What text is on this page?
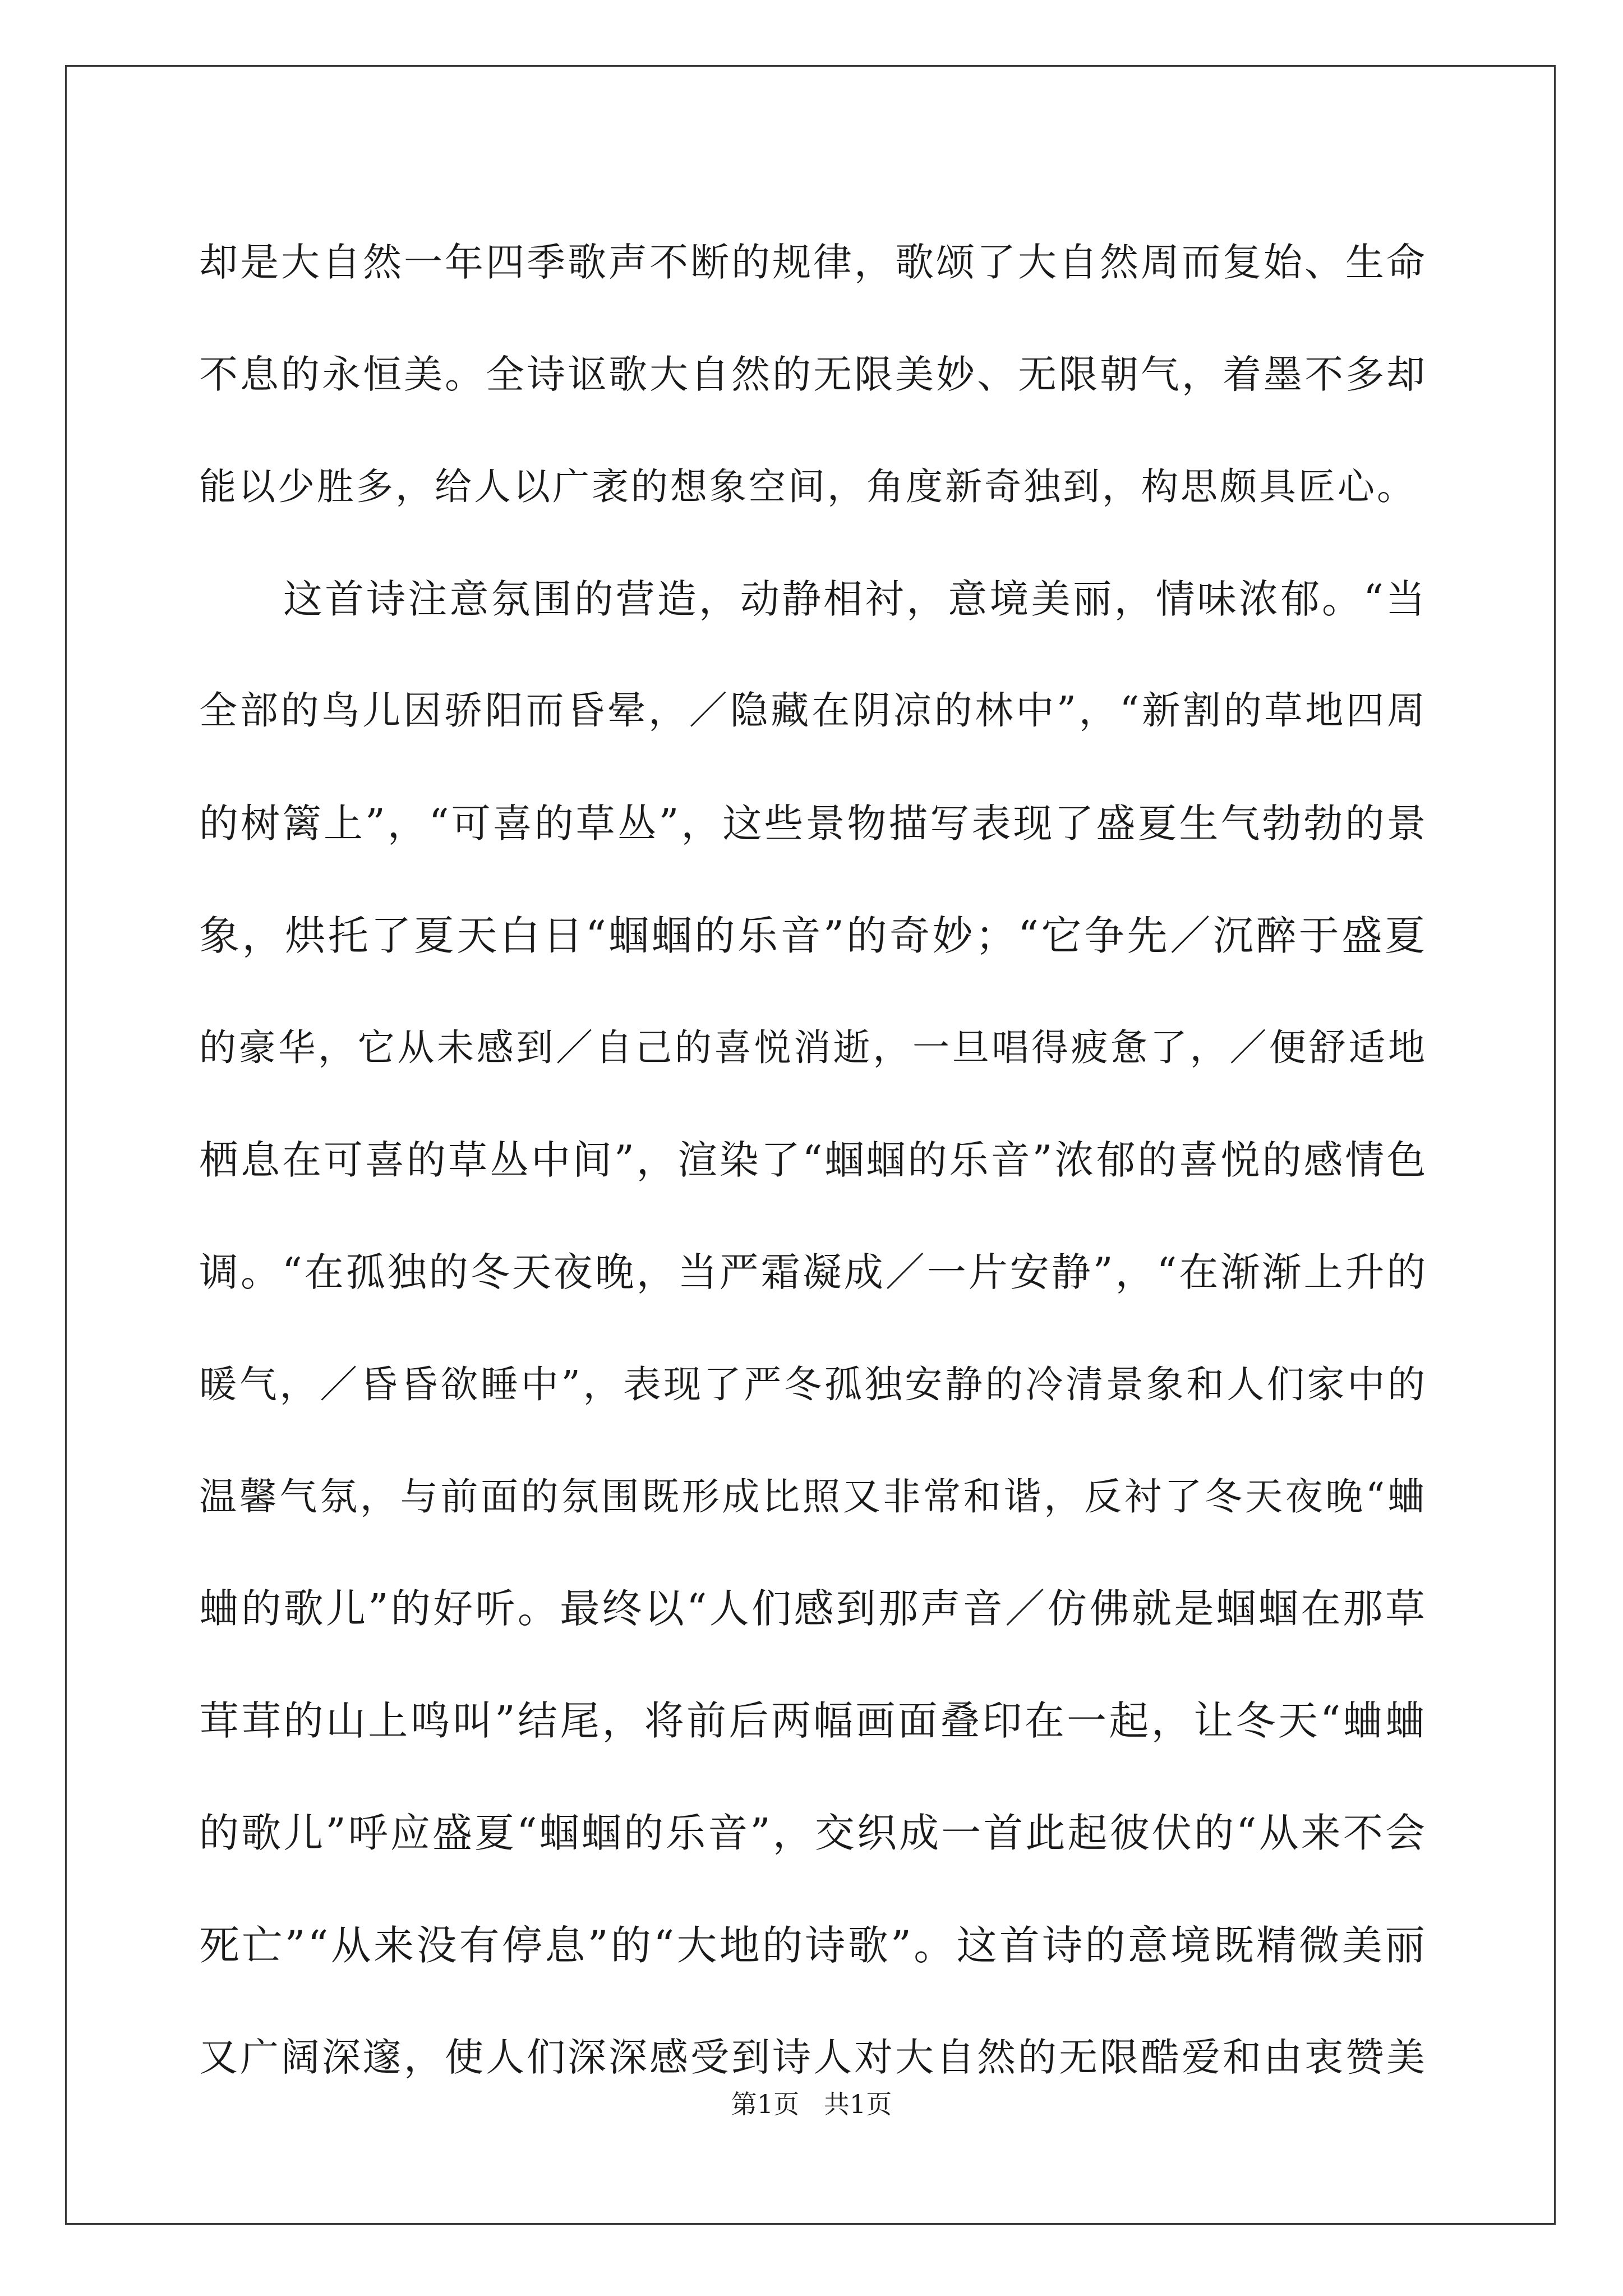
却是大自然一年四季歌声不断的规律，歌颂了大自然周而复始、生命
不息的永恒美。全诗讴歌大自然的无限美妙、无限朝气，着墨不多却
能以少胜多，给人以广袤的想象空间，角度新奇独到，构思颇具匠心。
这首诗注意氛围的营造，动静相衬，意境美丽，情味浓郁。“当
全部的鸟儿因骄阳而昏晕，／隐藏在阴凉的林中”，“新割的草地四周
的树篱上”，“可喜的草丛”，这些景物描写表现了盛夏生气勃勃的景
象，烘托了夏天白日“蝈蝈的乐音”的奇妙；“它争先／沉醉于盛夏
的豪华，它从未感到／自己的喜悦消逝，一旦唱得疲惫了，／便舒适地
栖息在可喜的草丛中间”，渲染了“蝈蝈的乐音”浓郁的喜悦的感情色
调。“在孤独的冬天夜晚，当严霜凝成／一片安静”，“在渐渐上升的
暖气，／昏昏欲睡中”，表现了严冬孤独安静的冷清景象和人们家中的
温馨气氛，与前面的氛围既形成比照又非常和谐，反衬了冬天夜晚“蛐
蛐的歌儿”的好听。最终以“人们感到那声音／仿佛就是蝈蝈在那草
茸茸的山上鸣叫”结尾，将前后两幅画面叠印在一起，让冬天“蛐蛐
的歌儿”呼应盛夏“蝈蝈的乐音”，交织成一首此起彼伏的“从来不会
死亡”“从来没有停息”的“大地的诗歌”。这首诗的意境既精微美丽
又广阔深邃，使人们深深感受到诗人对大自然的无限酷爱和由衷赞美
第1页   共1页
